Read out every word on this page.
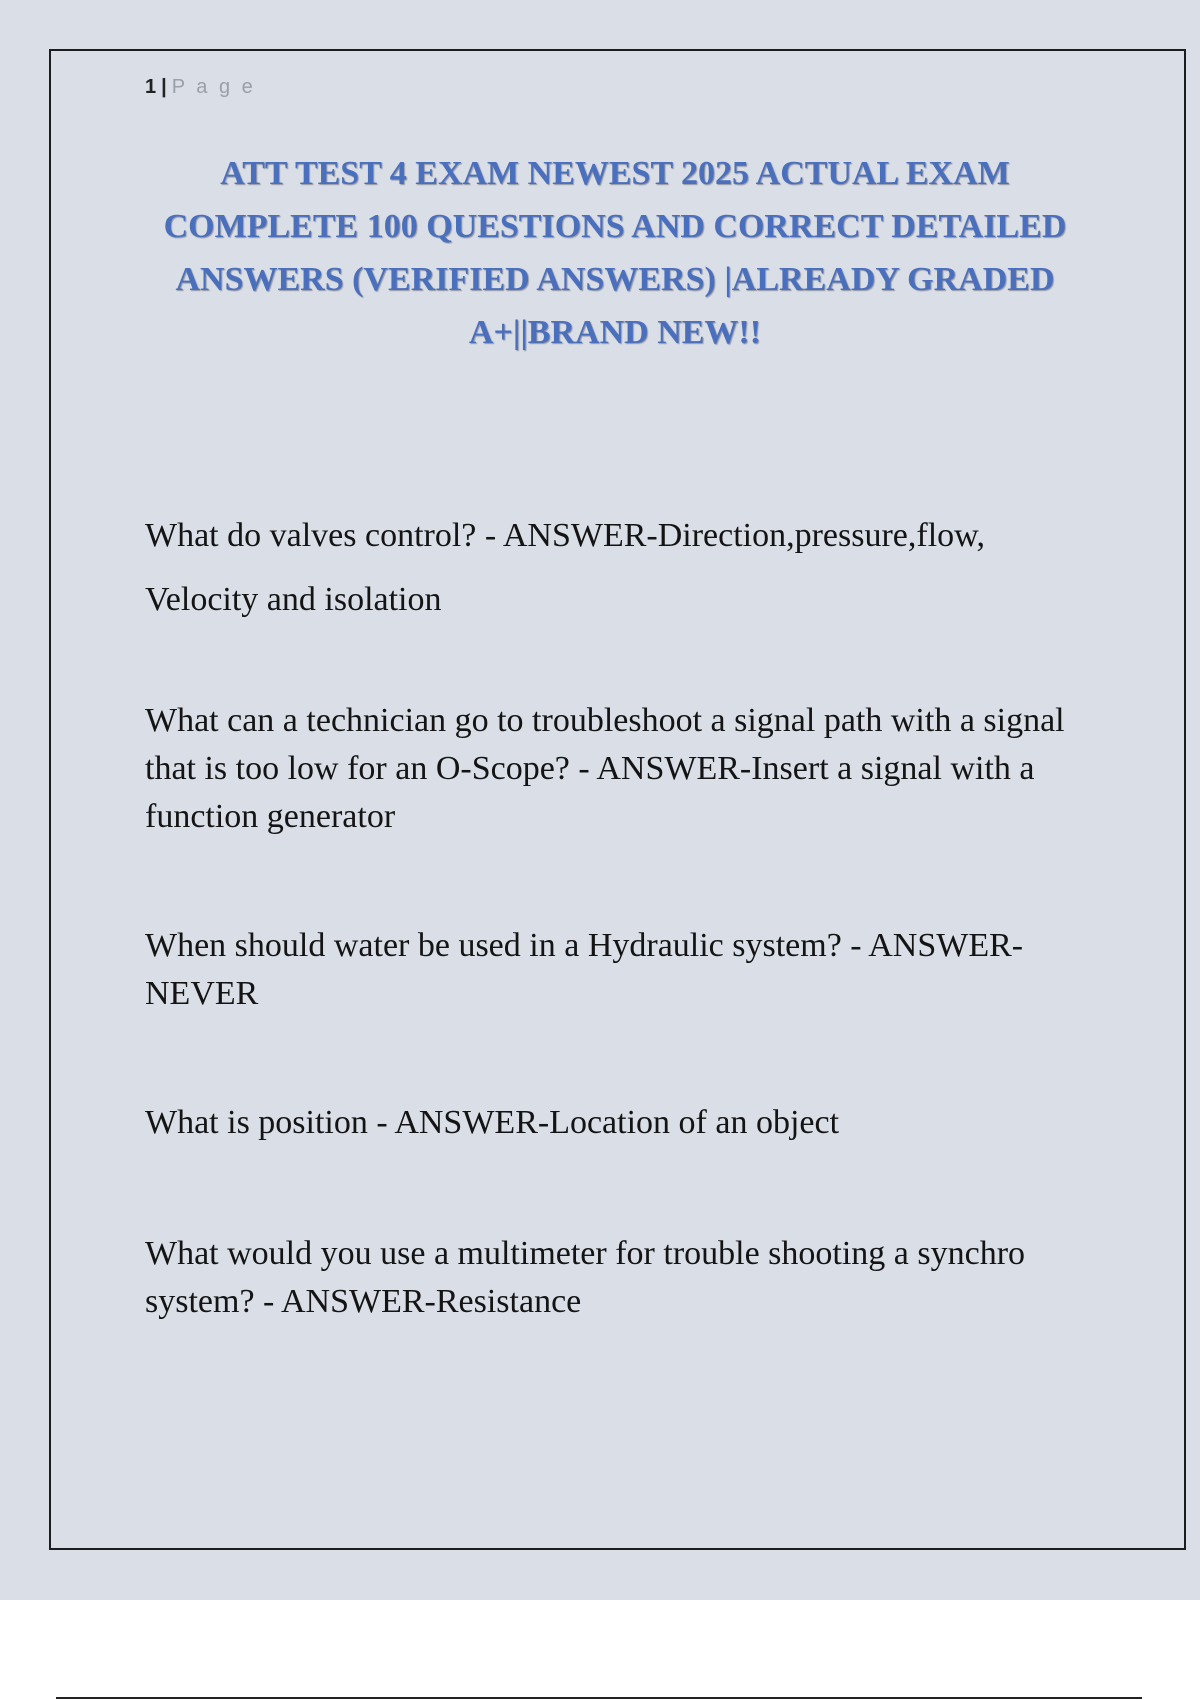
1 | P a g e
ATT TEST 4 EXAM NEWEST 2025 ACTUAL EXAM COMPLETE 100 QUESTIONS AND CORRECT DETAILED ANSWERS (VERIFIED ANSWERS) |ALREADY GRADED A+||BRAND NEW!!

What do valves control? - ANSWER-Direction,pressure,flow, Velocity and isolation

What can a technician go to troubleshoot a signal path with a signal that is too low for an O-Scope? - ANSWER-Insert a signal with a function generator

When should water be used in a Hydraulic system? - ANSWER-NEVER

What is position - ANSWER-Location of an object

What would you use a multimeter for trouble shooting a synchro system? - ANSWER-Resistance
